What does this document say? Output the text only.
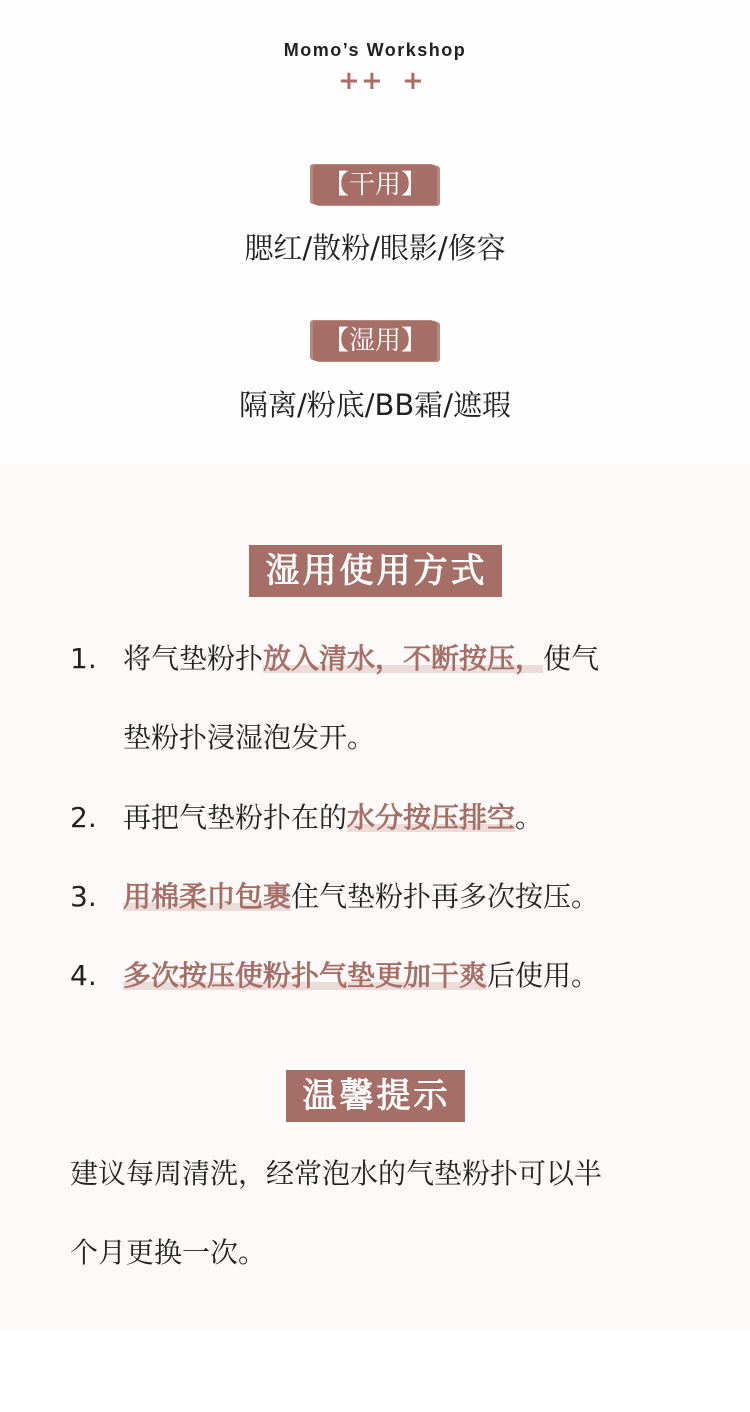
Momo’s Workshop
+ + +
【干用】
腮红/散粉/眼影/修容
【湿用】
隔离/粉底/BB霜/遮瑕
湿用使用方式
1. 将气垫粉扑放入清水，不断按压，使气
垫粉扑浸湿泡发开。
2. 再把气垫粉扑在的水分按压排空。
3. 用棉柔巾包裹住气垫粉扑再多次按压。
4. 多次按压使粉扑气垫更加干爽后使用。
温馨提示
建议每周清洗，经常泡水的气垫粉扑可以半
个月更换一次。
